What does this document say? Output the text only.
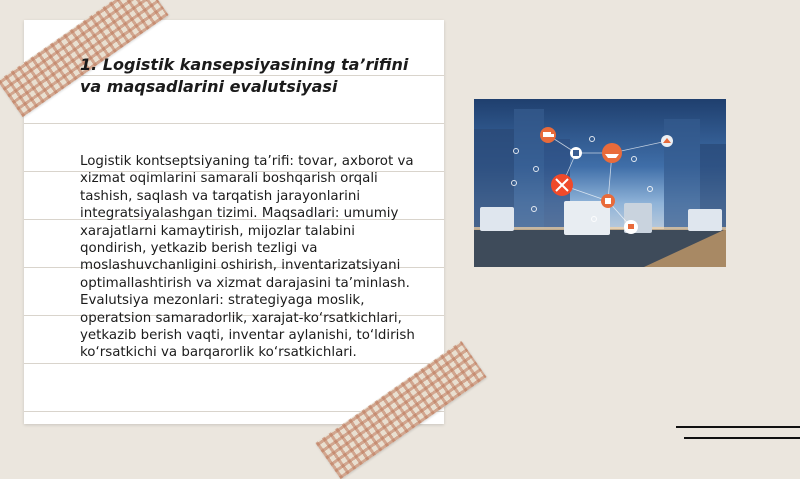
1. Logistik kansepsiyasining ta’rifini va maqsadlarini evalutsiyasi

Logistik kontseptsiyaning ta’rifi: tovar, axborot va xizmat oqimlarini samarali boshqarish orqali tashish, saqlash va tarqatish jarayonlarini integratsiyalashgan tizimi. Maqsadlari: umumiy xarajatlarni kamaytirish, mijozlar talabini qondirish, yetkazib berish tezligi va moslashuvchanligini oshirish, inventarizatsiyani optimallashtirish va xizmat darajasini ta’minlash. Evalutsiya mezonlari: strategiyaga moslik, operatsion samaradorlik, xarajat-ko‘rsatkichlari, yetkazib berish vaqti, inventar aylanishi, to‘ldirish ko‘rsatkichi va barqarorlik ko‘rsatkichlari.
